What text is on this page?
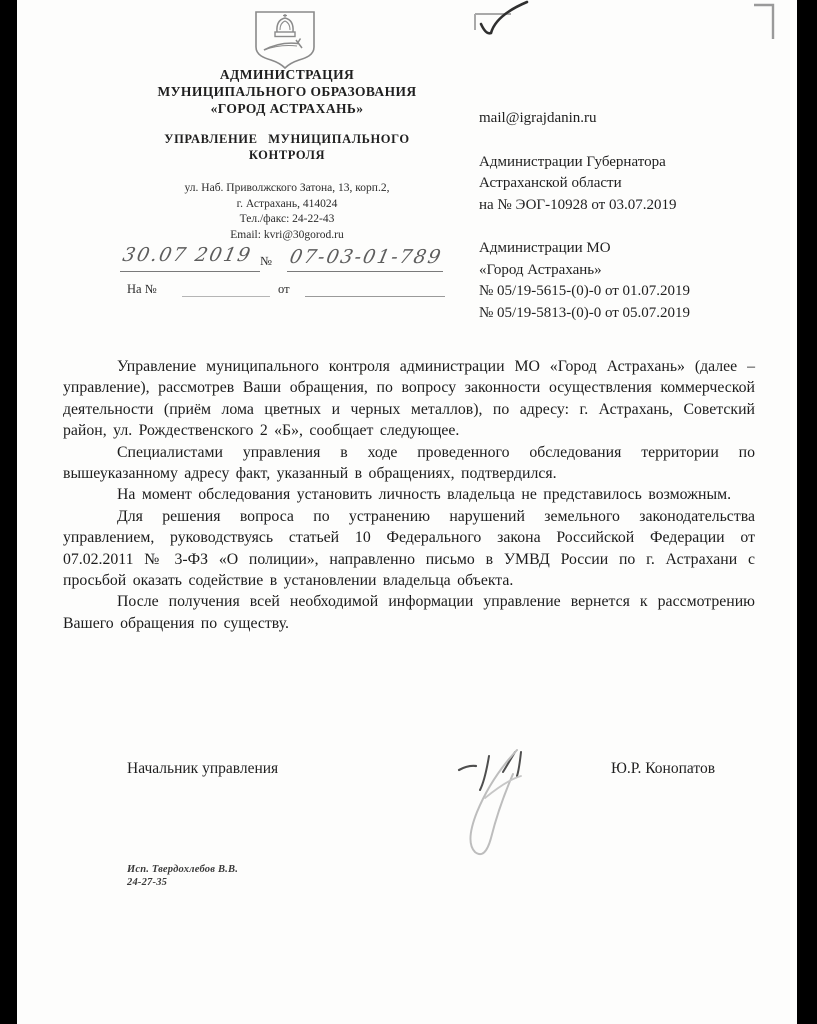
АДМИНИСТРАЦИЯ
МУНИЦИПАЛЬНОГО ОБРАЗОВАНИЯ
«ГОРОД АСТРАХАНЬ»
УПРАВЛЕНИЕ МУНИЦИПАЛЬНОГО
КОНТРОЛЯ
ул. Наб. Приволжского Затона, 13, корп.2,
г. Астрахань, 414024
Тел./факс: 24-22-43
Email: kvri@30gorod.ru
30.07 2019 № 07-03-01-789
На №	от
mail@igrajdanin.ru
Администрации Губернатора
Астраханской области
на № ЭОГ-10928 от 03.07.2019
Администрации МО
«Город Астрахань»
№ 05/19-5615-(0)-0 от 01.07.2019
№ 05/19-5813-(0)-0 от 05.07.2019

Управление муниципального контроля администрации МО «Город Астрахань» (далее – управление), рассмотрев Ваши обращения, по вопросу законности осуществления коммерческой деятельности (приём лома цветных и черных металлов), по адресу: г. Астрахань, Советский район, ул. Рождественского 2 «Б», сообщает следующее.

Специалистами управления в ходе проведенного обследования территории по вышеуказанному адресу факт, указанный в обращениях, подтвердился.

На момент обследования установить личность владельца не представилось возможным.

Для решения вопроса по устранению нарушений земельного законодательства управлением, руководствуясь статьей 10 Федерального закона Российской Федерации от 07.02.2011 № 3-ФЗ «О полиции», направленно письмо в УМВД России по г. Астрахани с просьбой оказать содействие в установлении владельца объекта.

После получения всей необходимой информации управление вернется к рассмотрению Вашего обращения по существу.

Начальник управления	Ю.Р. Конопатов
Исп. Твердохлебов В.В.
24-27-35
